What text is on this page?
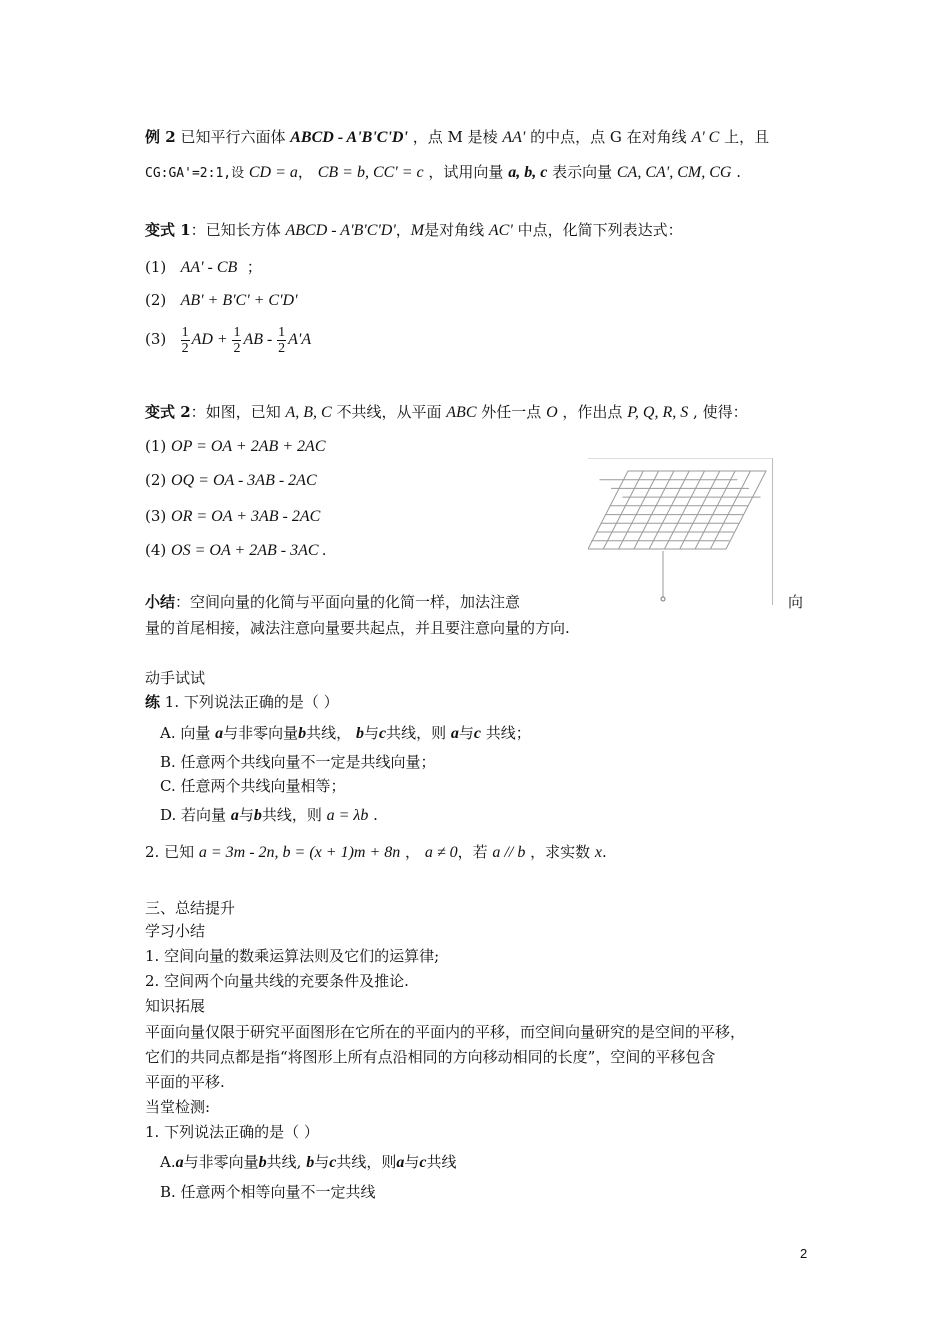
例 2 已知平行六面体 ABCD - A'B'C'D' ，点 M 是棱 AA' 的中点，点 G 在对角线 A' C 上，且
CG:GA'=2:1,设 CD = a， CB = b, CC' = c ，试用向量 a, b, c 表示向量 CA, CA', CM, CG .
变式 1：已知长方体 ABCD - A'B'C'D'，M是对角线 AC' 中点，化简下列表达式：
(1) AA' - CB ；
(2) AB' + B'C' + C'D'
$(3) \frac{1}{2}$ AD + $\frac{1}{2}$ AB - $\frac{1}{2} A'A$
变式 2：如图，已知 A, B, C 不共线，从平面 ABC 外任一点 O ，作出点 P, Q, R, S , 使得：
(1) OP = OA + 2AB + 2AC
(2) OQ = OA - 3AB - 2AC
(3) OR = OA + 3AB - 2AC
(4) OS = OA + 2AB - 3AC .
小结：空间向量的化简与平面向量的化简一样，加法注意	向
量的首尾相接，减法注意向量要共起点，并且要注意向量的方向.
动手试试
练 1. 下列说法正确的是（ ）
A. 向量 a与非零向量b共线， b与c共线，则 a与c 共线；
B. 任意两个共线向量不一定是共线向量；
C. 任意两个共线向量相等；
D. 若向量 a与b共线，则 a = λb .
2. 已知 a = 3m - 2n, b = (x + 1)m + 8n ， a ≠ 0，若 a // b ，求实数 x.
三、总结提升
学习小结
1. 空间向量的数乘运算法则及它们的运算律;
2. 空间两个向量共线的充要条件及推论.
知识拓展
平面向量仅限于研究平面图形在它所在的平面内的平移，而空间向量研究的是空间的平移，
它们的共同点都是指“将图形上所有点沿相同的方向移动相同的长度”，空间的平移包含
平面的平移.
当堂检测:
1. 下列说法正确的是（ ）
A.a与非零向量b共线, b与c共线，则a与c共线
B. 任意两个相等向量不一定共线
2
